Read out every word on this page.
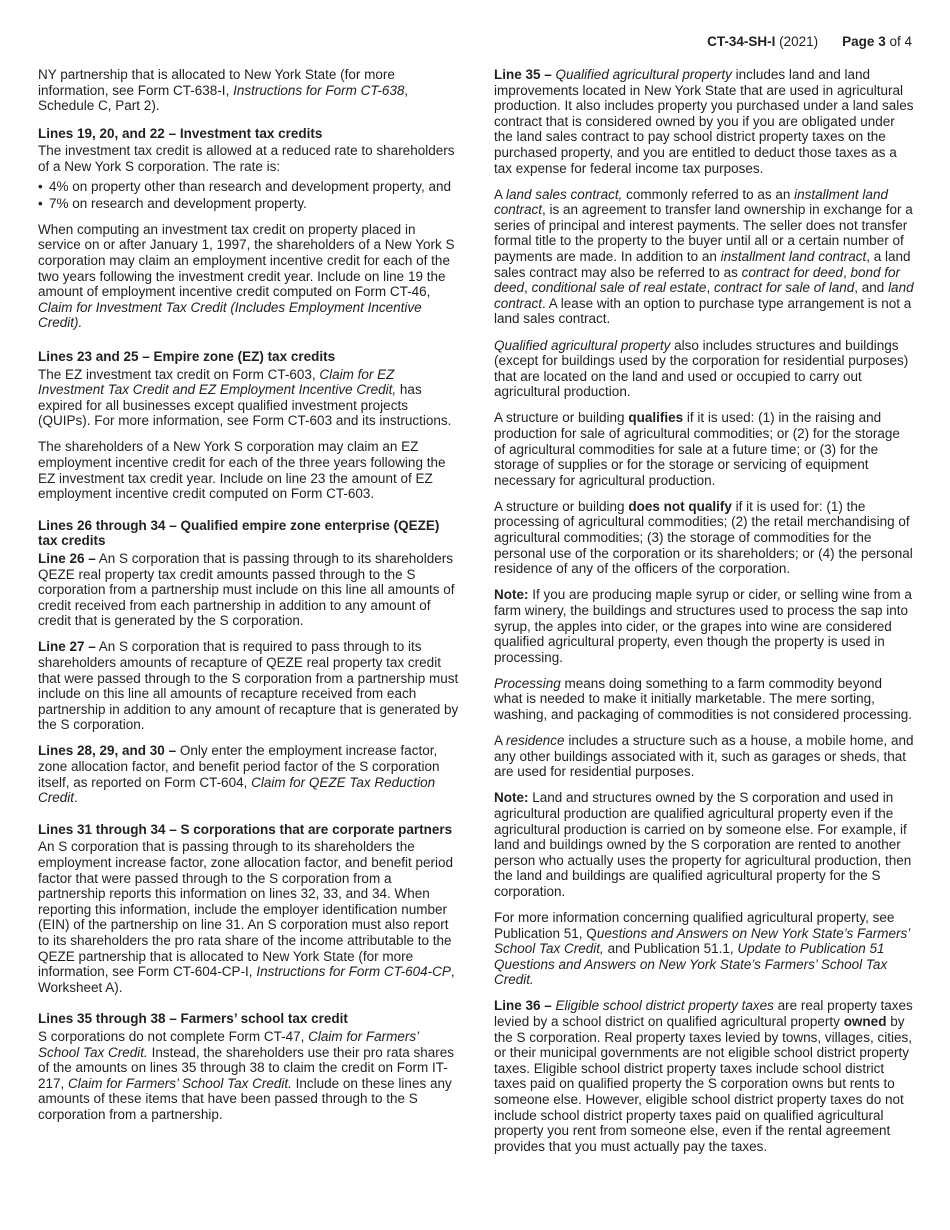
CT-34-SH-I (2021) Page 3 of 4

NY partnership that is allocated to New York State (for more information, see Form CT-638-I, Instructions for Form CT-638, Schedule C, Part 2).

Lines 19, 20, and 22 – Investment tax credits

The investment tax credit is allowed at a reduced rate to shareholders of a New York S corporation. The rate is:

• 4% on property other than research and development property, and
• 7% on research and development property.

When computing an investment tax credit on property placed in service on or after January 1, 1997, the shareholders of a New York S corporation may claim an employment incentive credit for each of the two years following the investment credit year. Include on line 19 the amount of employment incentive credit computed on Form CT-46, Claim for Investment Tax Credit (Includes Employment Incentive Credit).

Lines 23 and 25 – Empire zone (EZ) tax credits

The EZ investment tax credit on Form CT-603, Claim for EZ Investment Tax Credit and EZ Employment Incentive Credit, has expired for all businesses except qualified investment projects (QUIPs). For more information, see Form CT-603 and its instructions.

The shareholders of a New York S corporation may claim an EZ employment incentive credit for each of the three years following the EZ investment tax credit year. Include on line 23 the amount of EZ employment incentive credit computed on Form CT-603.

Lines 26 through 34 – Qualified empire zone enterprise (QEZE) tax credits

Line 26 – An S corporation that is passing through to its shareholders QEZE real property tax credit amounts passed through to the S corporation from a partnership must include on this line all amounts of credit received from each partnership in addition to any amount of credit that is generated by the S corporation.

Line 27 – An S corporation that is required to pass through to its shareholders amounts of recapture of QEZE real property tax credit that were passed through to the S corporation from a partnership must include on this line all amounts of recapture received from each partnership in addition to any amount of recapture that is generated by the S corporation.

Lines 28, 29, and 30 – Only enter the employment increase factor, zone allocation factor, and benefit period factor of the S corporation itself, as reported on Form CT-604, Claim for QEZE Tax Reduction Credit.

Lines 31 through 34 – S corporations that are corporate partners

An S corporation that is passing through to its shareholders the employment increase factor, zone allocation factor, and benefit period factor that were passed through to the S corporation from a partnership reports this information on lines 32, 33, and 34. When reporting this information, include the employer identification number (EIN) of the partnership on line 31. An S corporation must also report to its shareholders the pro rata share of the income attributable to the QEZE partnership that is allocated to New York State (for more information, see Form CT-604-CP-I, Instructions for Form CT-604-CP, Worksheet A).

Lines 35 through 38 – Farmers’ school tax credit

S corporations do not complete Form CT-47, Claim for Farmers’ School Tax Credit. Instead, the shareholders use their pro rata shares of the amounts on lines 35 through 38 to claim the credit on Form IT-217, Claim for Farmers’ School Tax Credit. Include on these lines any amounts of these items that have been passed through to the S corporation from a partnership.

Line 35 – Qualified agricultural property includes land and land improvements located in New York State that are used in agricultural production. It also includes property you purchased under a land sales contract that is considered owned by you if you are obligated under the land sales contract to pay school district property taxes on the purchased property, and you are entitled to deduct those taxes as a tax expense for federal income tax purposes.

A land sales contract, commonly referred to as an installment land contract, is an agreement to transfer land ownership in exchange for a series of principal and interest payments. The seller does not transfer formal title to the property to the buyer until all or a certain number of payments are made. In addition to an installment land contract, a land sales contract may also be referred to as contract for deed, bond for deed, conditional sale of real estate, contract for sale of land, and land contract. A lease with an option to purchase type arrangement is not a land sales contract.

Qualified agricultural property also includes structures and buildings (except for buildings used by the corporation for residential purposes) that are located on the land and used or occupied to carry out agricultural production.

A structure or building qualifies if it is used: (1) in the raising and production for sale of agricultural commodities; or (2) for the storage of agricultural commodities for sale at a future time; or (3) for the storage of supplies or for the storage or servicing of equipment necessary for agricultural production.

A structure or building does not qualify if it is used for: (1) the processing of agricultural commodities; (2) the retail merchandising of agricultural commodities; (3) the storage of commodities for the personal use of the corporation or its shareholders; or (4) the personal residence of any of the officers of the corporation.

Note: If you are producing maple syrup or cider, or selling wine from a farm winery, the buildings and structures used to process the sap into syrup, the apples into cider, or the grapes into wine are considered qualified agricultural property, even though the property is used in processing.

Processing means doing something to a farm commodity beyond what is needed to make it initially marketable. The mere sorting, washing, and packaging of commodities is not considered processing.

A residence includes a structure such as a house, a mobile home, and any other buildings associated with it, such as garages or sheds, that are used for residential purposes.

Note: Land and structures owned by the S corporation and used in agricultural production are qualified agricultural property even if the agricultural production is carried on by someone else. For example, if land and buildings owned by the S corporation are rented to another person who actually uses the property for agricultural production, then the land and buildings are qualified agricultural property for the S corporation.

For more information concerning qualified agricultural property, see Publication 51, Questions and Answers on New York State’s Farmers’ School Tax Credit, and Publication 51.1, Update to Publication 51 Questions and Answers on New York State’s Farmers’ School Tax Credit.

Line 36 – Eligible school district property taxes are real property taxes levied by a school district on qualified agricultural property owned by the S corporation. Real property taxes levied by towns, villages, cities, or their municipal governments are not eligible school district property taxes. Eligible school district property taxes include school district taxes paid on qualified property the S corporation owns but rents to someone else. However, eligible school district property taxes do not include school district property taxes paid on qualified agricultural property you rent from someone else, even if the rental agreement provides that you must actually pay the taxes.
